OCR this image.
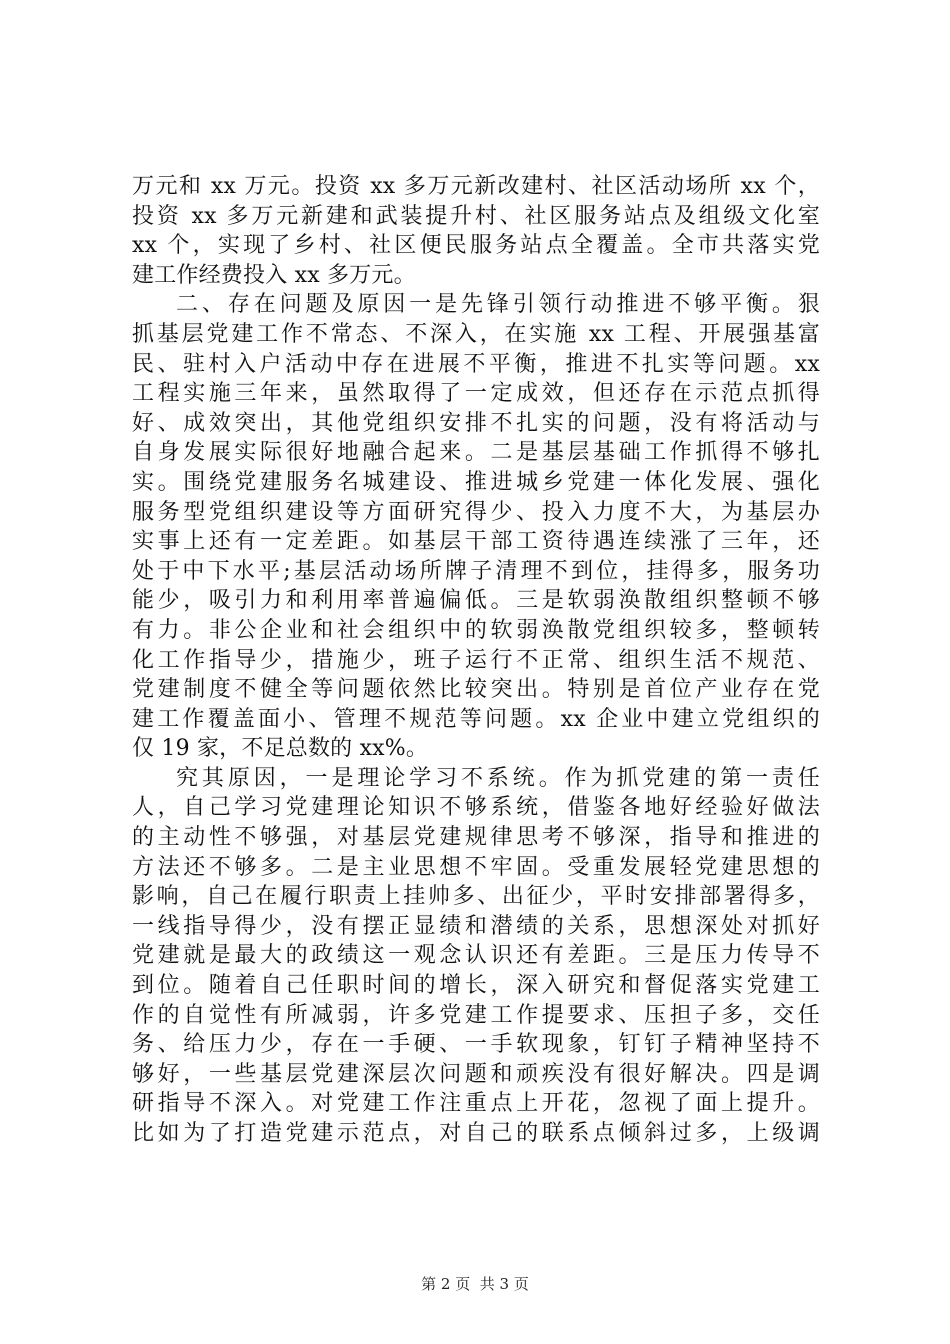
万元和 xx 万元。投资 xx 多万元新改建村、社区活动场所 xx 个，
投资 xx 多万元新建和武装提升村、社区服务站点及组级文化室
xx 个，实现了乡村、社区便民服务站点全覆盖。全市共落实党
建工作经费投入 xx 多万元。
二、存在问题及原因一是先锋引领行动推进不够平衡。狠
抓基层党建工作不常态、不深入，在实施 xx 工程、开展强基富
民、驻村入户活动中存在进展不平衡，推进不扎实等问题。xx
工程实施三年来，虽然取得了一定成效，但还存在示范点抓得
好、成效突出，其他党组织安排不扎实的问题，没有将活动与
自身发展实际很好地融合起来。二是基层基础工作抓得不够扎
实。围绕党建服务名城建设、推进城乡党建一体化发展、强化
服务型党组织建设等方面研究得少、投入力度不大，为基层办
实事上还有一定差距。如基层干部工资待遇连续涨了三年，还
处于中下水平;基层活动场所牌子清理不到位，挂得多，服务功
能少，吸引力和利用率普遍偏低。三是软弱涣散组织整顿不够
有力。非公企业和社会组织中的软弱涣散党组织较多，整顿转
化工作指导少，措施少，班子运行不正常、组织生活不规范、
党建制度不健全等问题依然比较突出。特别是首位产业存在党
建工作覆盖面小、管理不规范等问题。xx 企业中建立党组织的
仅 19 家，不足总数的 xx%。
究其原因，一是理论学习不系统。作为抓党建的第一责任
人，自己学习党建理论知识不够系统，借鉴各地好经验好做法
的主动性不够强，对基层党建规律思考不够深，指导和推进的
方法还不够多。二是主业思想不牢固。受重发展轻党建思想的
影响，自己在履行职责上挂帅多、出征少，平时安排部署得多，
一线指导得少，没有摆正显绩和潜绩的关系，思想深处对抓好
党建就是最大的政绩这一观念认识还有差距。三是压力传导不
到位。随着自己任职时间的增长，深入研究和督促落实党建工
作的自觉性有所减弱，许多党建工作提要求、压担子多，交任
务、给压力少，存在一手硬、一手软现象，钉钉子精神坚持不
够好，一些基层党建深层次问题和顽疾没有很好解决。四是调
研指导不深入。对党建工作注重点上开花，忽视了面上提升。
比如为了打造党建示范点，对自己的联系点倾斜过多，上级调
第 2 页  共 3 页
